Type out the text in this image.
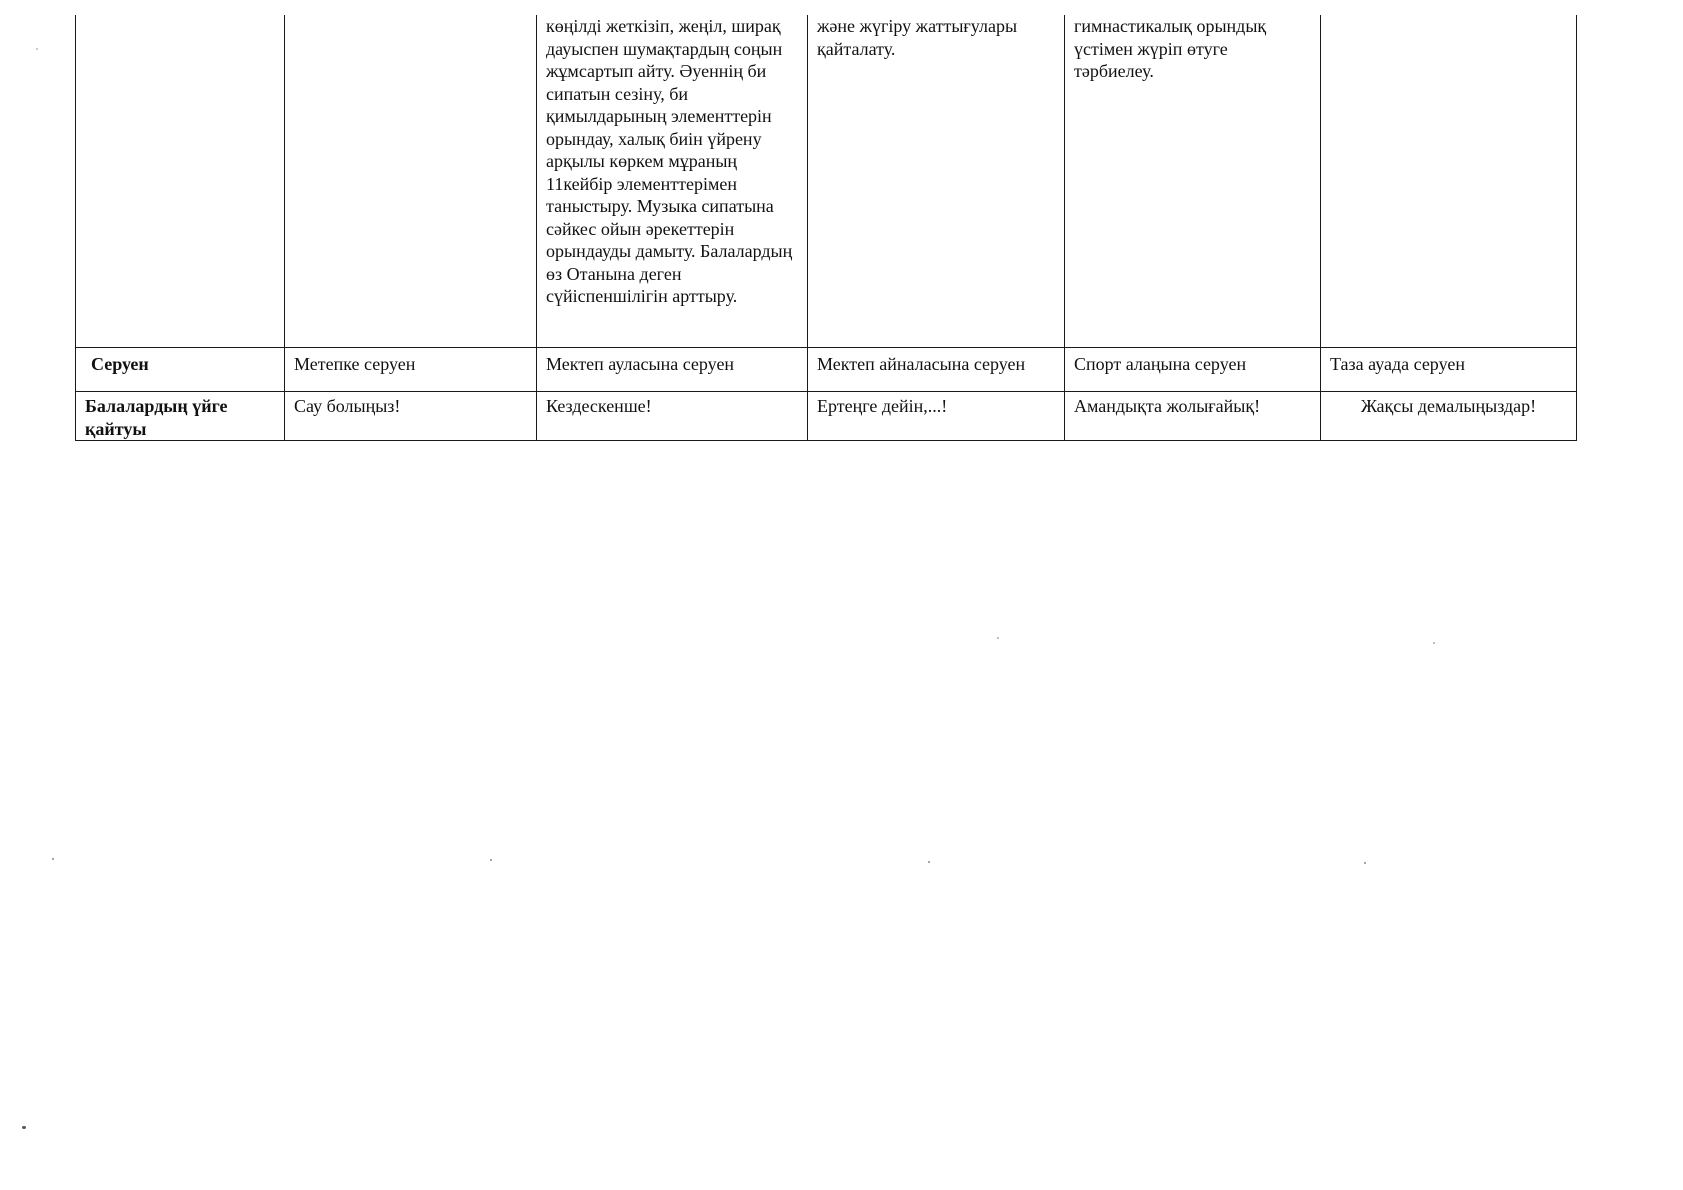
		көңілді жеткізіп, жеңіл, ширақ дауыспен шумақтардың соңын жұмсартып айту. Әуеннің би сипатын сезіну, би қимылдарының элементтерін орындау, халық биін үйрену арқылы көркем мұраның 11кейбір элементтерімен таныстыру. Музыка сипатына сәйкес ойын әрекеттерін орындауды дамыту. Балалардың өз Отанына деген сүйіспеншілігін арттыру.	және жүгіру жаттығулары қайталату.	гимнастикалық орындық үстімен жүріп өтуге тәрбиелеу.	
Серуен	Метепке серуен	Мектеп ауласына серуен	Мектеп айналасына серуен	Спорт алаңына серуен	Таза ауада серуен
Балалардың үйге қайтуы	Сау болыңыз!	Кездескенше!	Ертеңге дейін,...!	Амандықта жолығайық!	Жақсы демалыңыздар!
